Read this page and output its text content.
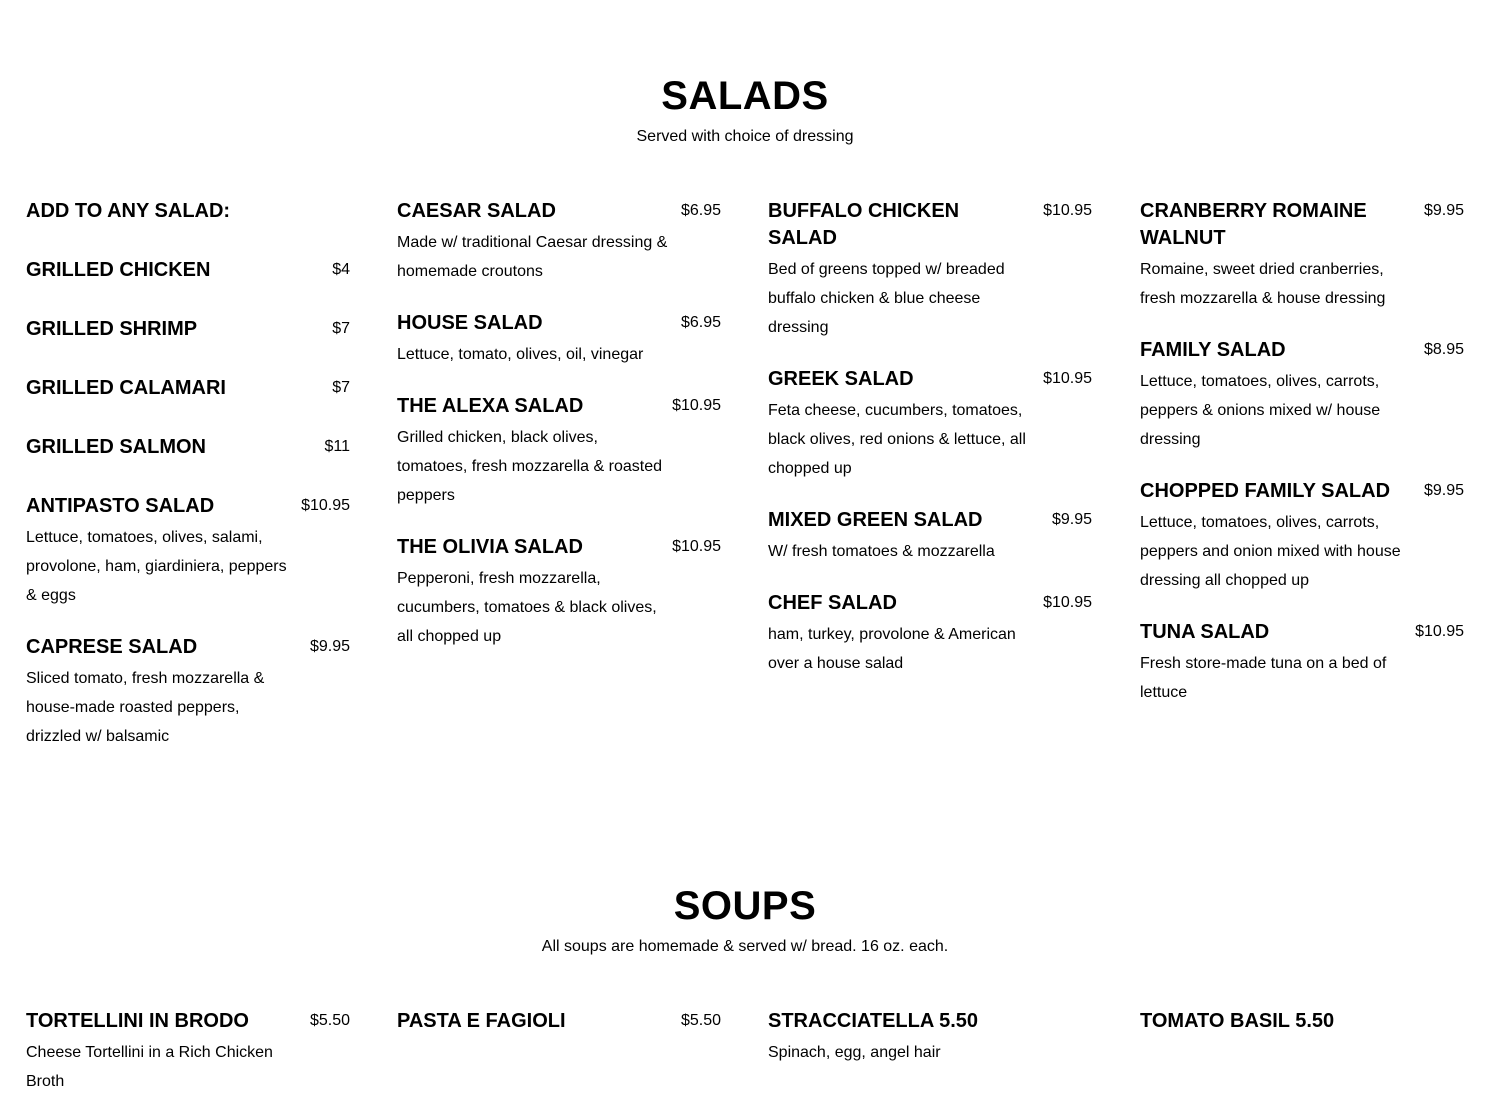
SALADS
Served with choice of dressing
ADD TO ANY SALAD:
GRILLED CHICKEN	$4
GRILLED SHRIMP	$7
GRILLED CALAMARI	$7
GRILLED SALMON	$11
ANTIPASTO SALAD	$10.95
Lettuce, tomatoes, olives, salami, provolone, ham, giardiniera, peppers & eggs
CAPRESE SALAD	$9.95
Sliced tomato, fresh mozzarella & house-made roasted peppers, drizzled w/ balsamic
CAESAR SALAD	$6.95
Made w/ traditional Caesar dressing & homemade croutons
HOUSE SALAD	$6.95
Lettuce, tomato, olives, oil, vinegar
THE ALEXA SALAD	$10.95
Grilled chicken, black olives, tomatoes, fresh mozzarella & roasted peppers
THE OLIVIA SALAD	$10.95
Pepperoni, fresh mozzarella, cucumbers, tomatoes & black olives, all chopped up
BUFFALO CHICKEN SALAD
$10.95
Bed of greens topped w/ breaded buffalo chicken & blue cheese dressing
GREEK SALAD	$10.95
Feta cheese, cucumbers, tomatoes, black olives, red onions & lettuce, all chopped up
MIXED GREEN SALAD	$9.95
W/ fresh tomatoes & mozzarella
CHEF SALAD	$10.95
ham, turkey, provolone & American over a house salad
CRANBERRY ROMAINE WALNUT
$9.95
Romaine, sweet dried cranberries, fresh mozzarella & house dressing
FAMILY SALAD	$8.95
Lettuce, tomatoes, olives, carrots, peppers & onions mixed w/ house dressing
CHOPPED FAMILY SALAD $9.95
Lettuce, tomatoes, olives, carrots, peppers and onion mixed with house dressing all chopped up
TUNA SALAD	$10.95
Fresh store-made tuna on a bed of lettuce
SOUPS
All soups are homemade & served w/ bread. 16 oz. each.
TORTELLINI IN BRODO	$5.50
Cheese Tortellini in a Rich Chicken Broth
PASTA E FAGIOLI	$5.50 STRACCIATELLA 5.50
Spinach, egg, angel hair
TOMATO BASIL 5.50
